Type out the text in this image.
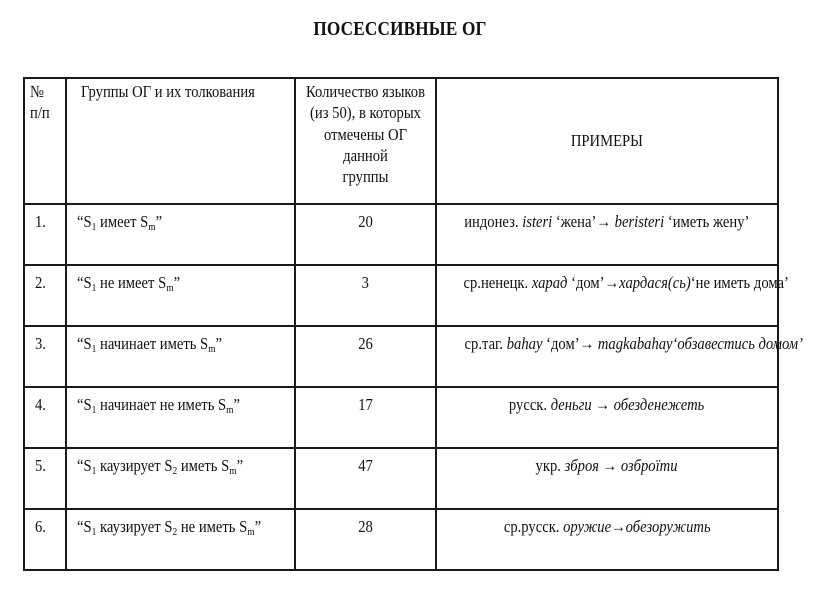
ПОСЕССИВНЫЕ ОГ
№
п/п	Группы ОГ и их толкования	Количество языков
(из 50), в которых
отмечены ОГ данной
группы	ПРИМЕРЫ
1.	“$S_1$ имеет $S_m$”	20	индонез. isteri ‘жена’→ beristeri ‘иметь жену’
2.	“$S_1$ не имеет $S_m$”	3	ср.ненецк. харад ‘дом’→хардася(сь)‘не иметь дома’
3.	“$S_1$ начинает иметь $S_m$”	26	ср.таг. bahay ‘дом’→ magkabahay‘обзавестись домом’
4.	“$S_1$ начинает не иметь $S_m$”	17	русск. деньги → обезденежеть
5.	“$S_1$ каузирует $S_2$ иметь $S_m$”	47	укр. зброя → озброїти
6.	“$S_1$ каузирует $S_2$ не иметь $S_m$”	28	ср.русск. оружие→обезоружить
